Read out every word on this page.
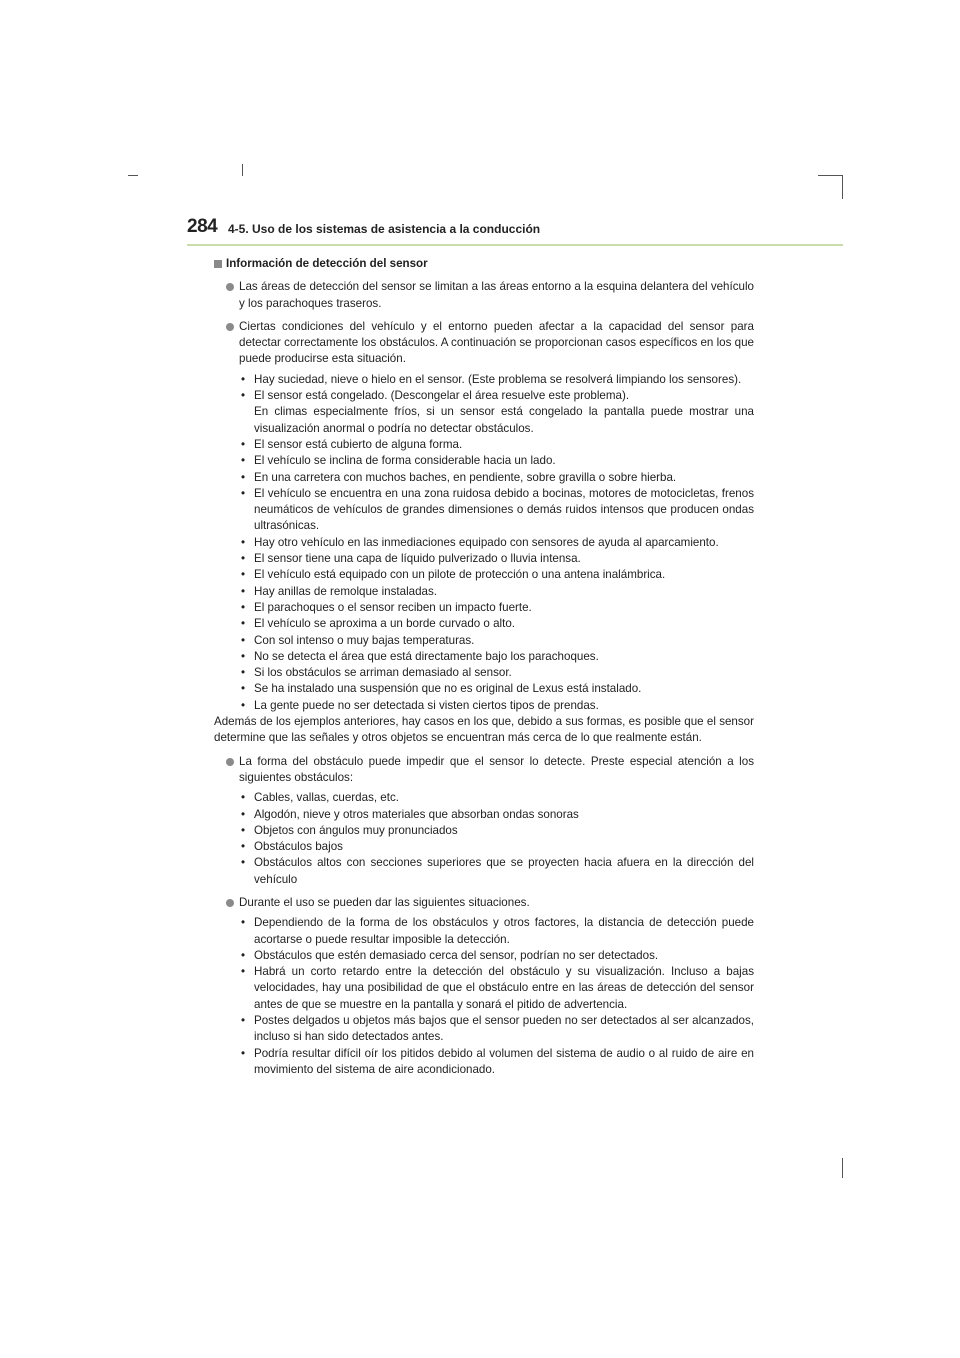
284 4-5. Uso de los sistemas de asistencia a la conducción
Información de detección del sensor
Las áreas de detección del sensor se limitan a las áreas entorno a la esquina delantera del vehículo y los parachoques traseros.
Ciertas condiciones del vehículo y el entorno pueden afectar a la capacidad del sensor para detectar correctamente los obstáculos. A continuación se proporcionan casos específicos en los que puede producirse esta situación.
• Hay suciedad, nieve o hielo en el sensor. (Este problema se resolverá limpiando los sensores).
• El sensor está congelado. (Descongelar el área resuelve este problema).
En climas especialmente fríos, si un sensor está congelado la pantalla puede mostrar una visualización anormal o podría no detectar obstáculos.
• El sensor está cubierto de alguna forma.
• El vehículo se inclina de forma considerable hacia un lado.
• En una carretera con muchos baches, en pendiente, sobre gravilla o sobre hierba.
• El vehículo se encuentra en una zona ruidosa debido a bocinas, motores de motocicletas, frenos neumáticos de vehículos de grandes dimensiones o demás ruidos intensos que producen ondas ultrasónicas.
• Hay otro vehículo en las inmediaciones equipado con sensores de ayuda al aparcamiento.
• El sensor tiene una capa de líquido pulverizado o lluvia intensa.
• El vehículo está equipado con un pilote de protección o una antena inalámbrica.
• Hay anillas de remolque instaladas.
• El parachoques o el sensor reciben un impacto fuerte.
• El vehículo se aproxima a un borde curvado o alto.
• Con sol intenso o muy bajas temperaturas.
• No se detecta el área que está directamente bajo los parachoques.
• Si los obstáculos se arriman demasiado al sensor.
• Se ha instalado una suspensión que no es original de Lexus está instalado.
• La gente puede no ser detectada si visten ciertos tipos de prendas.
Además de los ejemplos anteriores, hay casos en los que, debido a sus formas, es posible que el sensor determine que las señales y otros objetos se encuentran más cerca de lo que realmente están.
La forma del obstáculo puede impedir que el sensor lo detecte. Preste especial atención a los siguientes obstáculos:
• Cables, vallas, cuerdas, etc.
• Algodón, nieve y otros materiales que absorban ondas sonoras
• Objetos con ángulos muy pronunciados
• Obstáculos bajos
• Obstáculos altos con secciones superiores que se proyecten hacia afuera en la dirección del vehículo
Durante el uso se pueden dar las siguientes situaciones.
• Dependiendo de la forma de los obstáculos y otros factores, la distancia de detección puede acortarse o puede resultar imposible la detección.
• Obstáculos que estén demasiado cerca del sensor, podrían no ser detectados.
• Habrá un corto retardo entre la detección del obstáculo y su visualización. Incluso a bajas velocidades, hay una posibilidad de que el obstáculo entre en las áreas de detección del sensor antes de que se muestre en la pantalla y sonará el pitido de advertencia.
• Postes delgados u objetos más bajos que el sensor pueden no ser detectados al ser alcanzados, incluso si han sido detectados antes.
• Podría resultar difícil oír los pitidos debido al volumen del sistema de audio o al ruido de aire en movimiento del sistema de aire acondicionado.
